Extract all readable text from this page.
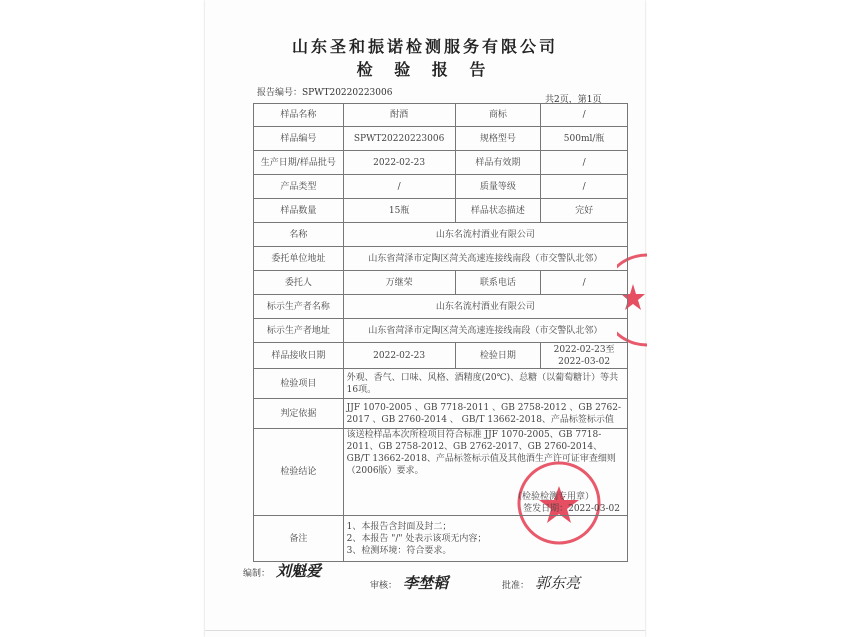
山东圣和振诺检测服务有限公司
检 验 报 告
报告编号：SPWT20220223006
共2页，第1页
样品名称	酎酒	商标	/
样品编号	SPWT20220223006	规格型号	500ml/瓶
生产日期/样品批号	2022-02-23	样品有效期	/
产品类型	/	质量等级	/
样品数量	15瓶	样品状态描述	完好
名称	山东名流村酒业有限公司		
委托单位地址	山东省菏泽市定陶区菏关高速连接线南段（市交警队北邻）		
委托人	万继荣	联系电话	/
标示生产者名称	山东名流村酒业有限公司		
标示生产者地址	山东省菏泽市定陶区菏关高速连接线南段（市交警队北邻）		
样品接收日期	2022-02-23	检验日期	2022-02-23至2022-03-02
检验项目	外观、香气、口味、风格、酒精度(20℃)、总糖（以葡萄糖计）等共16项。		
判定依据	JJF 1070-2005 、GB 7718-2011 、GB 2758-2012 、GB 2762-2017 、GB 2760-2014 、 GB/T 13662-2018、产品标签标示值		
检验结论	该送检样品本次所检项目符合标准 JJF 1070-2005、GB 7718-2011、GB 2758-2012、GB 2762-2017、GB 2760-2014、GB/T 13662-2018、产品标签标示值及其他酒生产许可证审查细则（2006版）要求。
（检验检测专用章）
签发日期：2022-03-02		

备注	1、本报告含封面及封二；
2、本报告 "/" 处表示该项无内容；
3、检测环境：符合要求。		
编制： 刘魁爱
审核： 李埜韬	批准： 郭东亮
